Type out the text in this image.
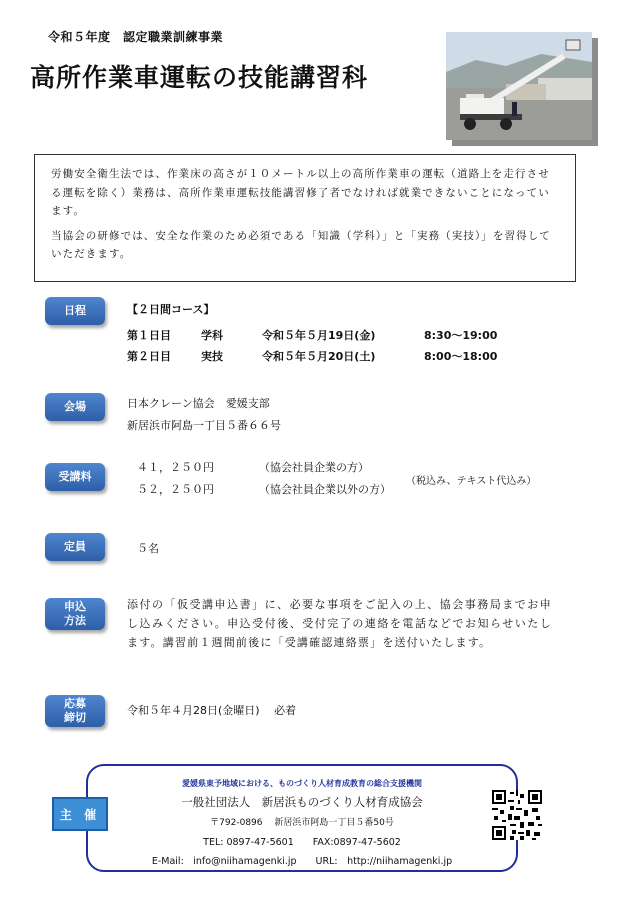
令和５年度　認定職業訓練事業
高所作業車運転の技能講習科

労働安全衛生法では、作業床の高さが１０メートル以上の高所作業車の運転（道路上を走行させる運転を除く）業務は、高所作業車運転技能講習修了者でなければ就業できないことになっています。

当協会の研修では、安全な作業のため必須である「知識（学科）」と「実務（実技）」を習得していただきます。

日程	【２日間コース】
第１日目	学科	令和５年５月19日(金)	8:30～19:00
第２日目	実技	令和５年５月20日(土)	8:00～18:00
会場	日本クレーン協会　愛媛支部
新居浜市阿島一丁目５番６６号
受講料
４１，２５０円	（協会社員企業の方）
５２，２５０円	（協会社員企業以外の方）
（税込み、テキスト代込み）
定員	５名
申込
方法
添付の「仮受講申込書」に、必要な事項をご記入の上、協会事務局までお申し込みください。申込受付後、受付完了の連絡を電話などでお知らせいたします。講習前１週間前後に「受講確認連絡票」を送付いたします。
応募
締切
令和５年４月28日(金曜日)　 必着
主 催
愛媛県東予地域における、ものづくり人材育成教育の総合支援機関
一般社団法人　新居浜ものづくり人材育成協会
〒792-0896　 新居浜市阿島一丁目５番50号
TEL: 0897-47-5601　　FAX:0897-47-5602
E-Mail:　info@niihamagenki.jp　　URL:　http://niihamagenki.jp
